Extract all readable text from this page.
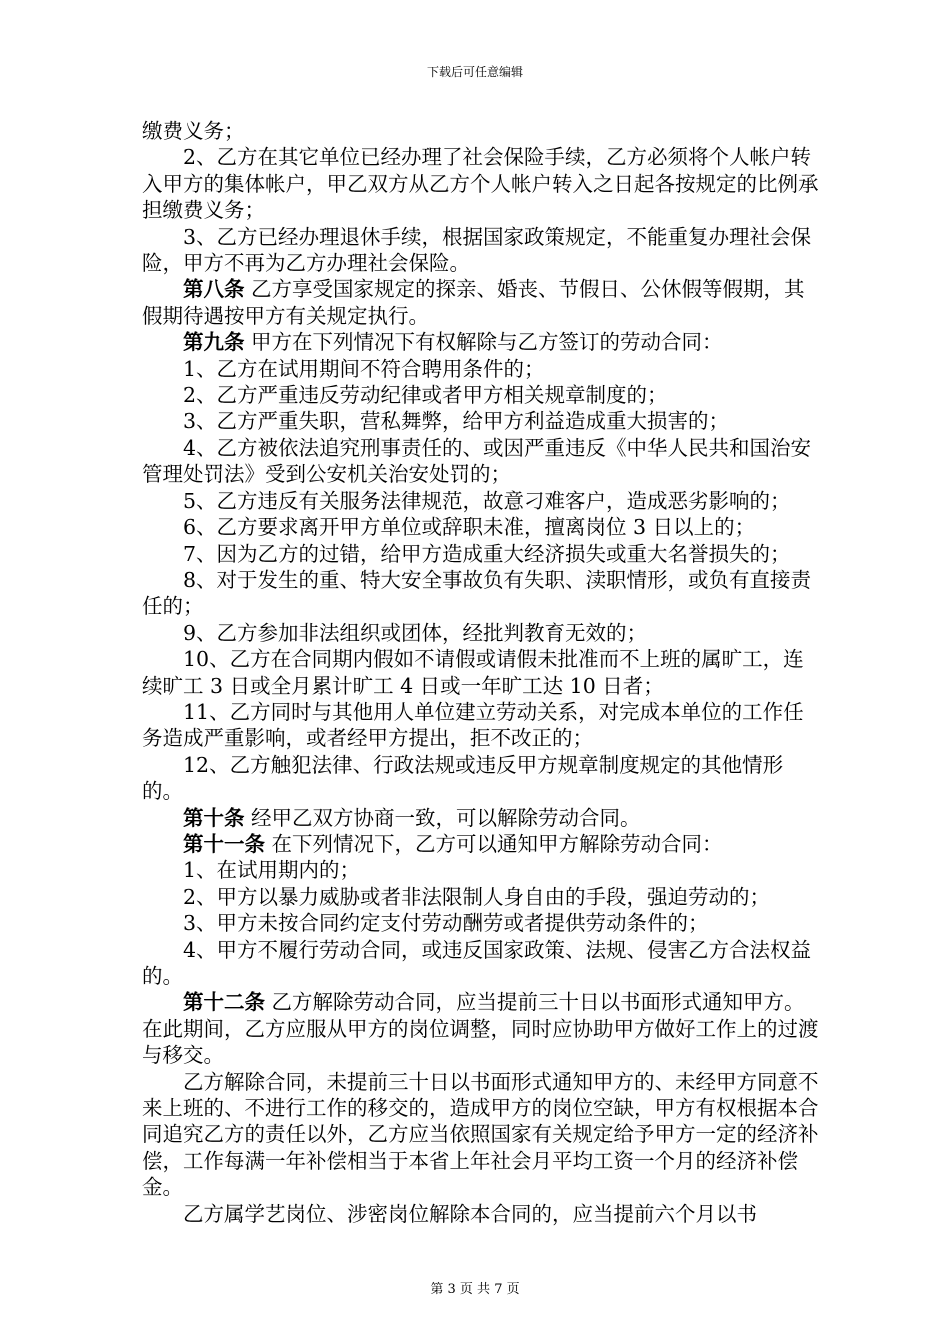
下载后可任意编辑

缴费义务；

2、乙方在其它单位已经办理了社会保险手续，乙方必须将个人帐户转入甲方的集体帐户，甲乙双方从乙方个人帐户转入之日起各按规定的比例承担缴费义务；

3、乙方已经办理退休手续，根据国家政策规定，不能重复办理社会保险，甲方不再为乙方办理社会保险。

第八条 乙方享受国家规定的探亲、婚丧、节假日、公休假等假期，其假期待遇按甲方有关规定执行。

第九条 甲方在下列情况下有权解除与乙方签订的劳动合同：

1、乙方在试用期间不符合聘用条件的；

2、乙方严重违反劳动纪律或者甲方相关规章制度的；

3、乙方严重失职，营私舞弊，给甲方利益造成重大损害的；

4、乙方被依法追究刑事责任的、或因严重违反《中华人民共和国治安管理处罚法》受到公安机关治安处罚的；

5、乙方违反有关服务法律规范，故意刁难客户，造成恶劣影响的；

6、乙方要求离开甲方单位或辞职未准，擅离岗位 3 日以上的；

7、因为乙方的过错，给甲方造成重大经济损失或重大名誉损失的；

8、对于发生的重、特大安全事故负有失职、渎职情形，或负有直接责任的；

9、乙方参加非法组织或团体，经批判教育无效的；

10、乙方在合同期内假如不请假或请假未批准而不上班的属旷工，连续旷工 3 日或全月累计旷工 4 日或一年旷工达 10 日者；

11、乙方同时与其他用人单位建立劳动关系，对完成本单位的工作任务造成严重影响，或者经甲方提出，拒不改正的；

12、乙方触犯法律、行政法规或违反甲方规章制度规定的其他情形的。

第十条 经甲乙双方协商一致，可以解除劳动合同。

第十一条 在下列情况下，乙方可以通知甲方解除劳动合同：

1、在试用期内的；

2、甲方以暴力威胁或者非法限制人身自由的手段，强迫劳动的；

3、甲方未按合同约定支付劳动酬劳或者提供劳动条件的；

4、甲方不履行劳动合同，或违反国家政策、法规、侵害乙方合法权益的。

第十二条 乙方解除劳动合同，应当提前三十日以书面形式通知甲方。在此期间，乙方应服从甲方的岗位调整，同时应协助甲方做好工作上的过渡与移交。

乙方解除合同，未提前三十日以书面形式通知甲方的、未经甲方同意不来上班的、不进行工作的移交的，造成甲方的岗位空缺，甲方有权根据本合同追究乙方的责任以外，乙方应当依照国家有关规定给予甲方一定的经济补偿，工作每满一年补偿相当于本省上年社会月平均工资一个月的经济补偿金。

乙方属学艺岗位、涉密岗位解除本合同的，应当提前六个月以书

第 3 页 共 7 页
